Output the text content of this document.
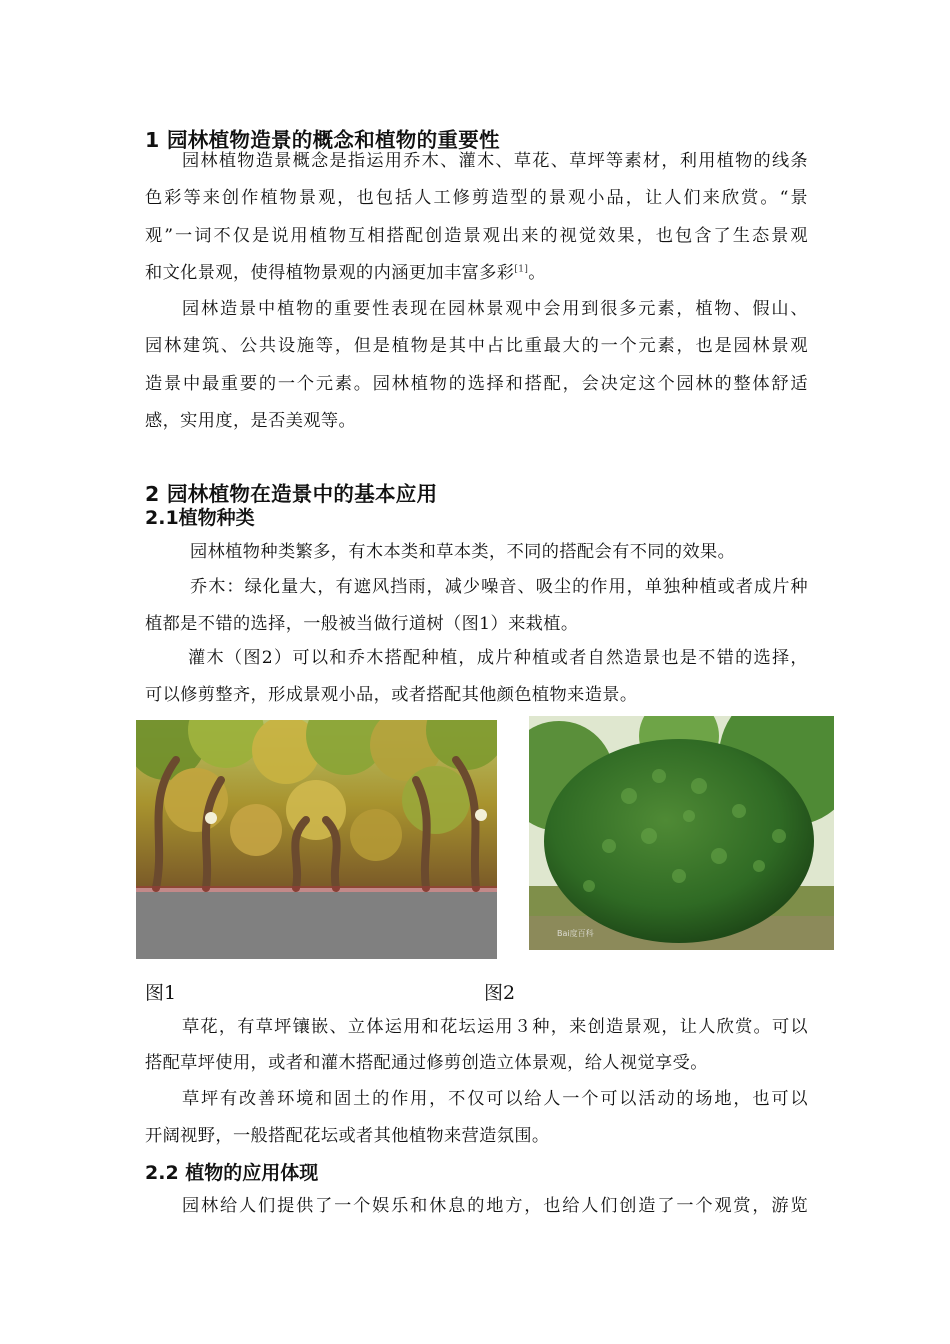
1 园林植物造景的概念和植物的重要性
园林植物造景概念是指运用乔木、灌木、草花、草坪等素材，利用植物的线条
色彩等来创作植物景观，也包括人工修剪造型的景观小品，让人们来欣赏。“景
观”一词不仅是说用植物互相搭配创造景观出来的视觉效果，也包含了生态景观
和文化景观，使得植物景观的内涵更加丰富多彩[1]。
园林造景中植物的重要性表现在园林景观中会用到很多元素，植物、假山、
园林建筑、公共设施等，但是植物是其中占比重最大的一个元素，也是园林景观
造景中最重要的一个元素。园林植物的选择和搭配，会决定这个园林的整体舒适
感，实用度，是否美观等。
2 园林植物在造景中的基本应用
2.1植物种类
园林植物种类繁多，有木本类和草本类，不同的搭配会有不同的效果。
乔木：绿化量大，有遮风挡雨，减少噪音、吸尘的作用，单独种植或者成片种
植都是不错的选择，一般被当做行道树（图1）来栽植。
灌木（图2）可以和乔木搭配种植，成片种植或者自然造景也是不错的选择，
可以修剪整齐，形成景观小品，或者搭配其他颜色植物来造景。
Bai度百科
图1	图2
草花，有草坪镶嵌、立体运用和花坛运用３种，来创造景观，让人欣赏。可以
搭配草坪使用，或者和灌木搭配通过修剪创造立体景观，给人视觉享受。
草坪有改善环境和固土的作用，不仅可以给人一个可以活动的场地，也可以
开阔视野，一般搭配花坛或者其他植物来营造氛围。
2.2 植物的应用体现
园林给人们提供了一个娱乐和休息的地方，也给人们创造了一个观赏，游览
